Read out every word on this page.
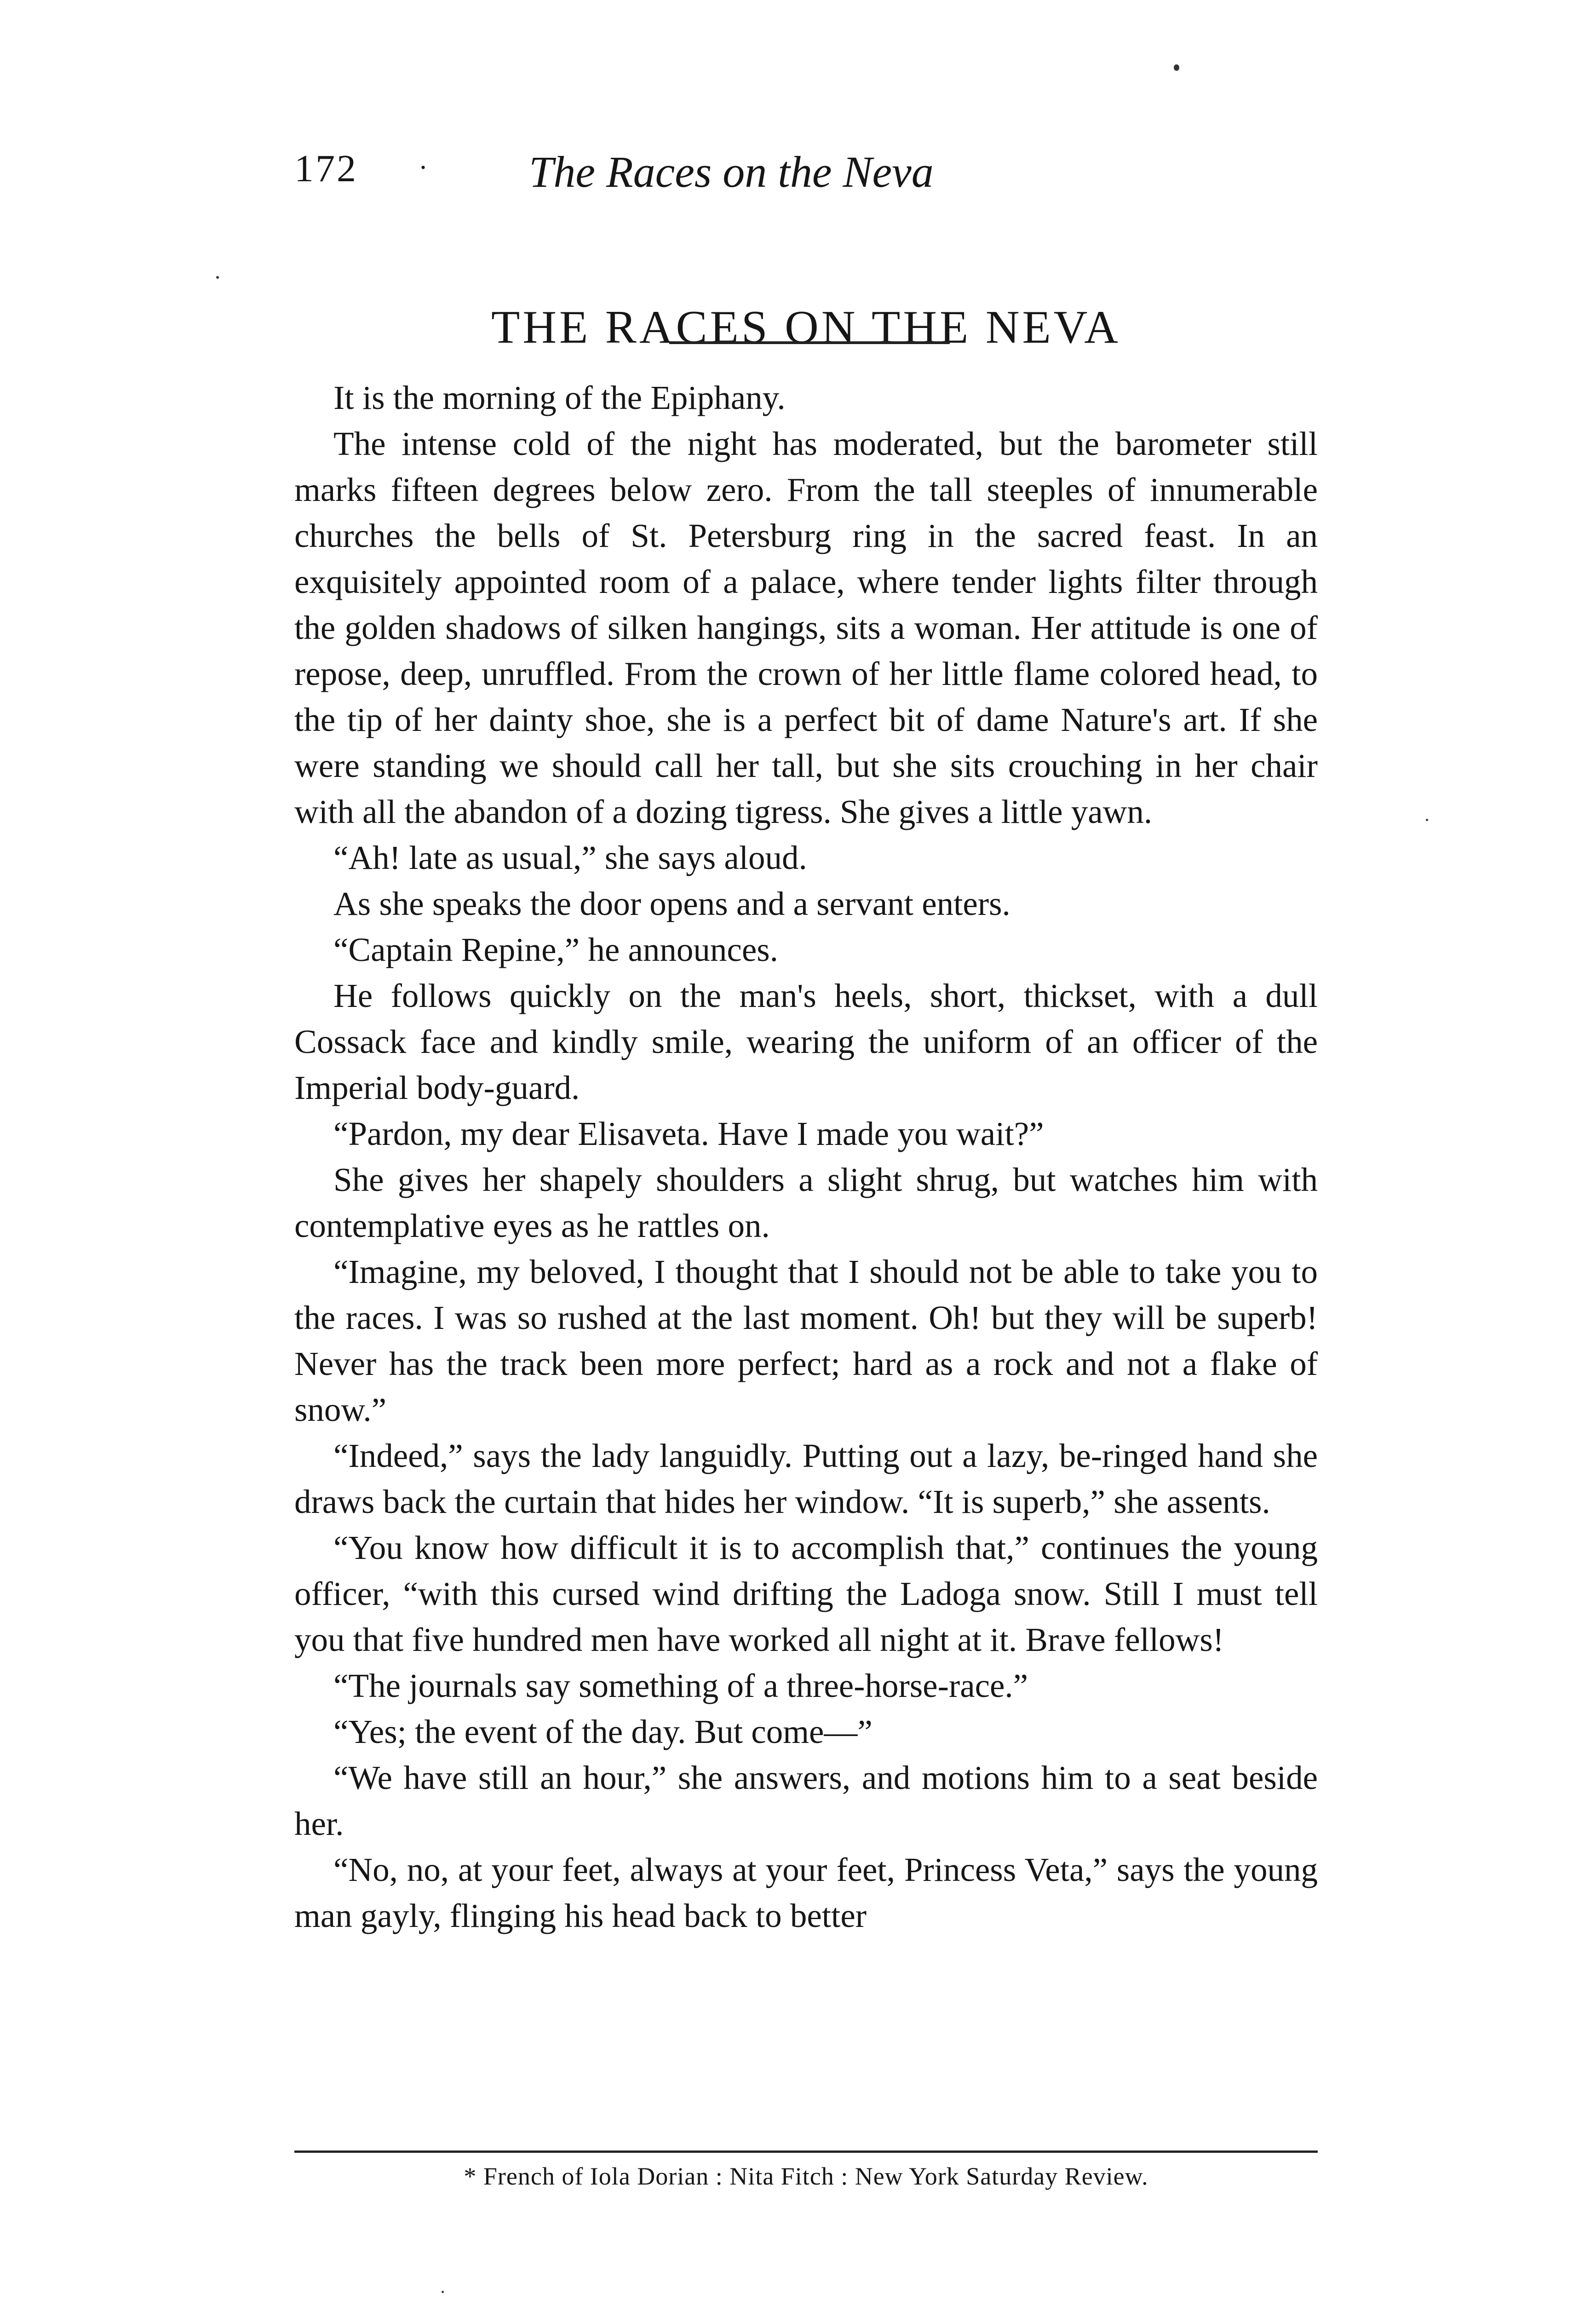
172 · The Races on the Neva
THE RACES ON THE NEVA

It is the morning of the Epiphany.

The intense cold of the night has moderated, but the barometer still marks fifteen degrees below zero. From the tall steeples of innumerable churches the bells of St. Petersburg ring in the sacred feast. In an exquisitely appointed room of a palace, where tender lights filter through the golden shadows of silken hangings, sits a woman. Her attitude is one of repose, deep, unruffled. From the crown of her little flame colored head, to the tip of her dainty shoe, she is a perfect bit of dame Nature's art. If she were standing we should call her tall, but she sits crouching in her chair with all the abandon of a dozing tigress. She gives a little yawn.

“Ah! late as usual,” she says aloud.

As she speaks the door opens and a servant enters.

“Captain Repine,” he announces.

He follows quickly on the man's heels, short, thickset, with a dull Cossack face and kindly smile, wearing the uniform of an officer of the Imperial body-guard.

“Pardon, my dear Elisaveta. Have I made you wait?”

She gives her shapely shoulders a slight shrug, but watches him with contemplative eyes as he rattles on.

“Imagine, my beloved, I thought that I should not be able to take you to the races. I was so rushed at the last moment. Oh! but they will be superb! Never has the track been more perfect; hard as a rock and not a flake of snow.”

“Indeed,” says the lady languidly. Putting out a lazy, be-ringed hand she draws back the curtain that hides her window. “It is superb,” she assents.

“You know how difficult it is to accomplish that,” continues the young officer, “with this cursed wind drifting the Ladoga snow. Still I must tell you that five hundred men have worked all night at it. Brave fellows!

“The journals say something of a three-horse-race.”

“Yes; the event of the day. But come—”

“We have still an hour,” she answers, and motions him to a seat beside her.

“No, no, at your feet, always at your feet, Princess Veta,” says the young man gayly, flinging his head back to better

* French of Iola Dorian : Nita Fitch : New York Saturday Review.
